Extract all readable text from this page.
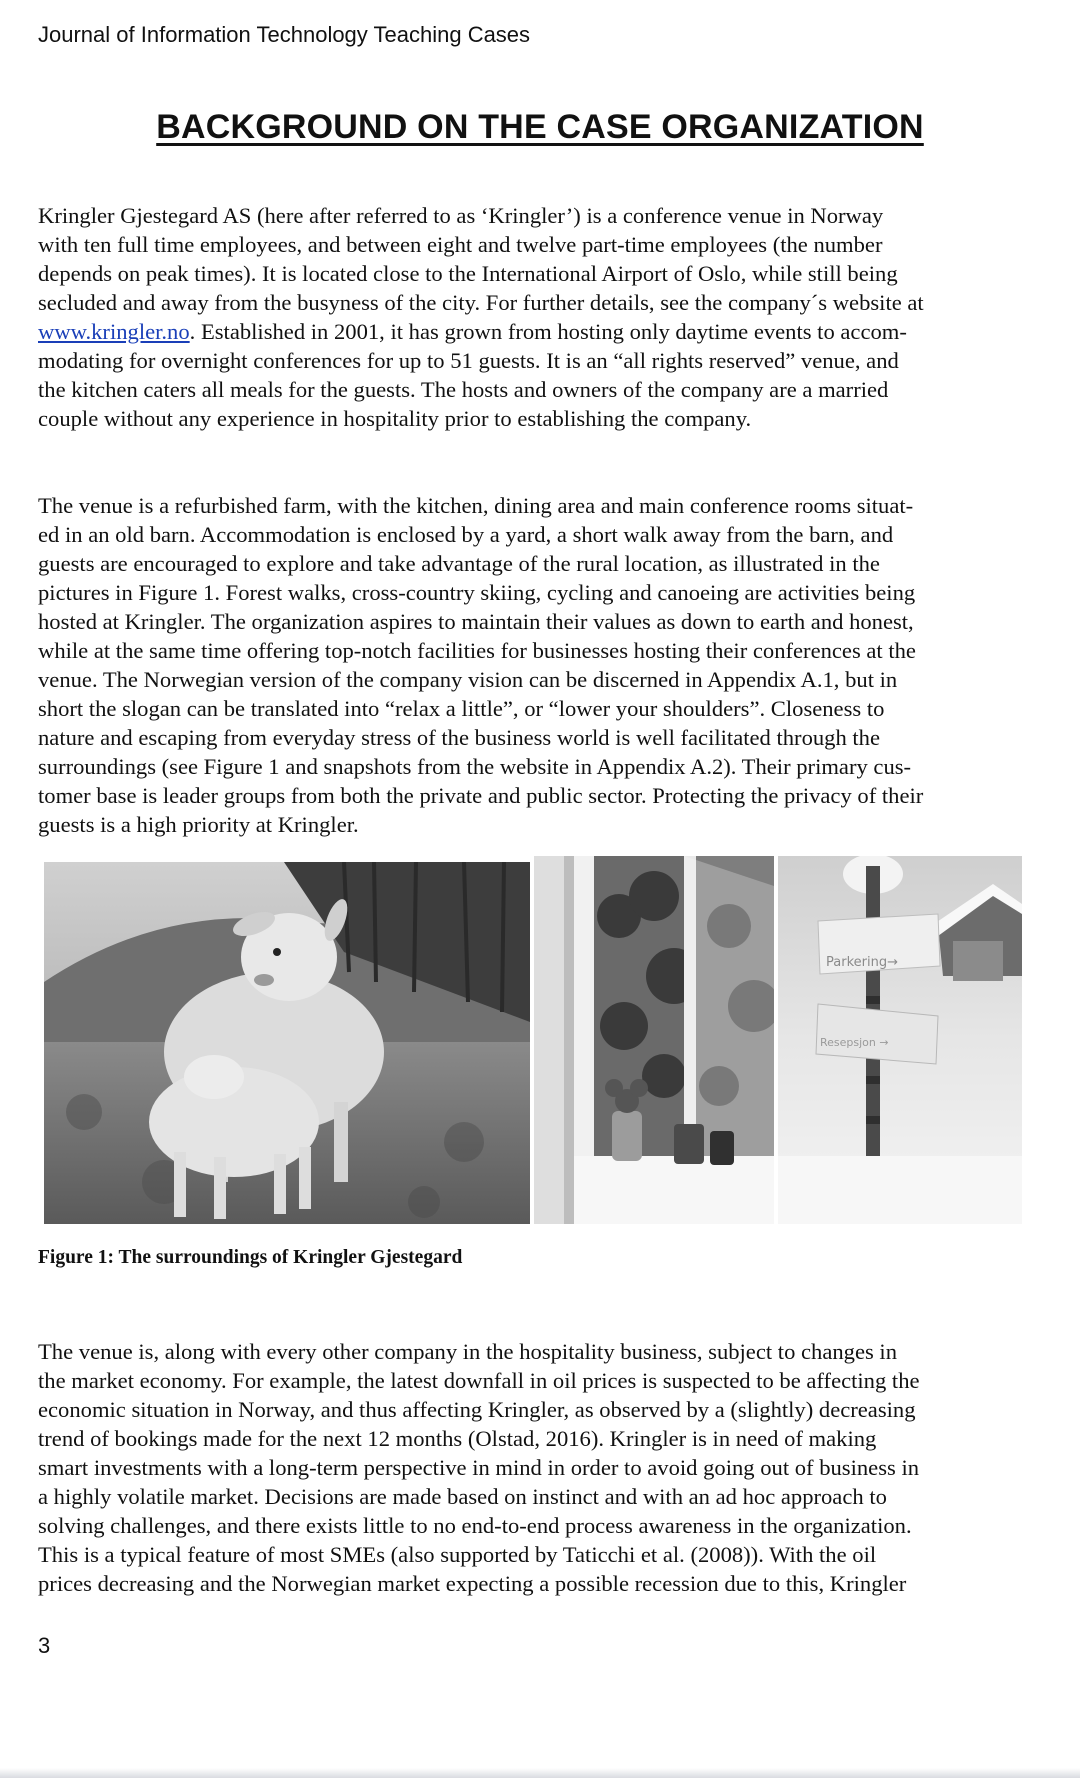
Journal of Information Technology Teaching Cases
BACKGROUND ON THE CASE ORGANIZATION
Kringler Gjestegard AS (here after referred to as ‘Kringler’) is a conference venue in Norway
with ten full time employees, and between eight and twelve part-time employees (the number
depends on peak times). It is located close to the International Airport of Oslo, while still being
secluded and away from the busyness of the city. For further details, see the company´s website at
www.kringler.no. Established in 2001, it has grown from hosting only daytime events to accom-
modating for overnight conferences for up to 51 guests. It is an “all rights reserved” venue, and
the kitchen caters all meals for the guests. The hosts and owners of the company are a married
couple without any experience in hospitality prior to establishing the company.
The venue is a refurbished farm, with the kitchen, dining area and main conference rooms situat-
ed in an old barn. Accommodation is enclosed by a yard, a short walk away from the barn, and
guests are encouraged to explore and take advantage of the rural location, as illustrated in the
pictures in Figure 1. Forest walks, cross-country skiing, cycling and canoeing are activities being
hosted at Kringler. The organization aspires to maintain their values as down to earth and honest,
while at the same time offering top-notch facilities for businesses hosting their conferences at the
venue. The Norwegian version of the company vision can be discerned in Appendix A.1, but in
short the slogan can be translated into “relax a little”, or “lower your shoulders”. Closeness to
nature and escaping from everyday stress of the business world is well facilitated through the
surroundings (see Figure 1 and snapshots from the website in Appendix A.2). Their primary cus-
tomer base is leader groups from both the private and public sector. Protecting the privacy of their
guests is a high priority at Kringler.
Parkering→
Resepsjon →
Figure 1: The surroundings of Kringler Gjestegard
The venue is, along with every other company in the hospitality business, subject to changes in
the market economy. For example, the latest downfall in oil prices is suspected to be affecting the
economic situation in Norway, and thus affecting Kringler, as observed by a (slightly) decreasing
trend of bookings made for the next 12 months (Olstad, 2016). Kringler is in need of making
smart investments with a long-term perspective in mind in order to avoid going out of business in
a highly volatile market. Decisions are made based on instinct and with an ad hoc approach to
solving challenges, and there exists little to no end-to-end process awareness in the organization.
This is a typical feature of most SMEs (also supported by Taticchi et al. (2008)). With the oil
prices decreasing and the Norwegian market expecting a possible recession due to this, Kringler
3
